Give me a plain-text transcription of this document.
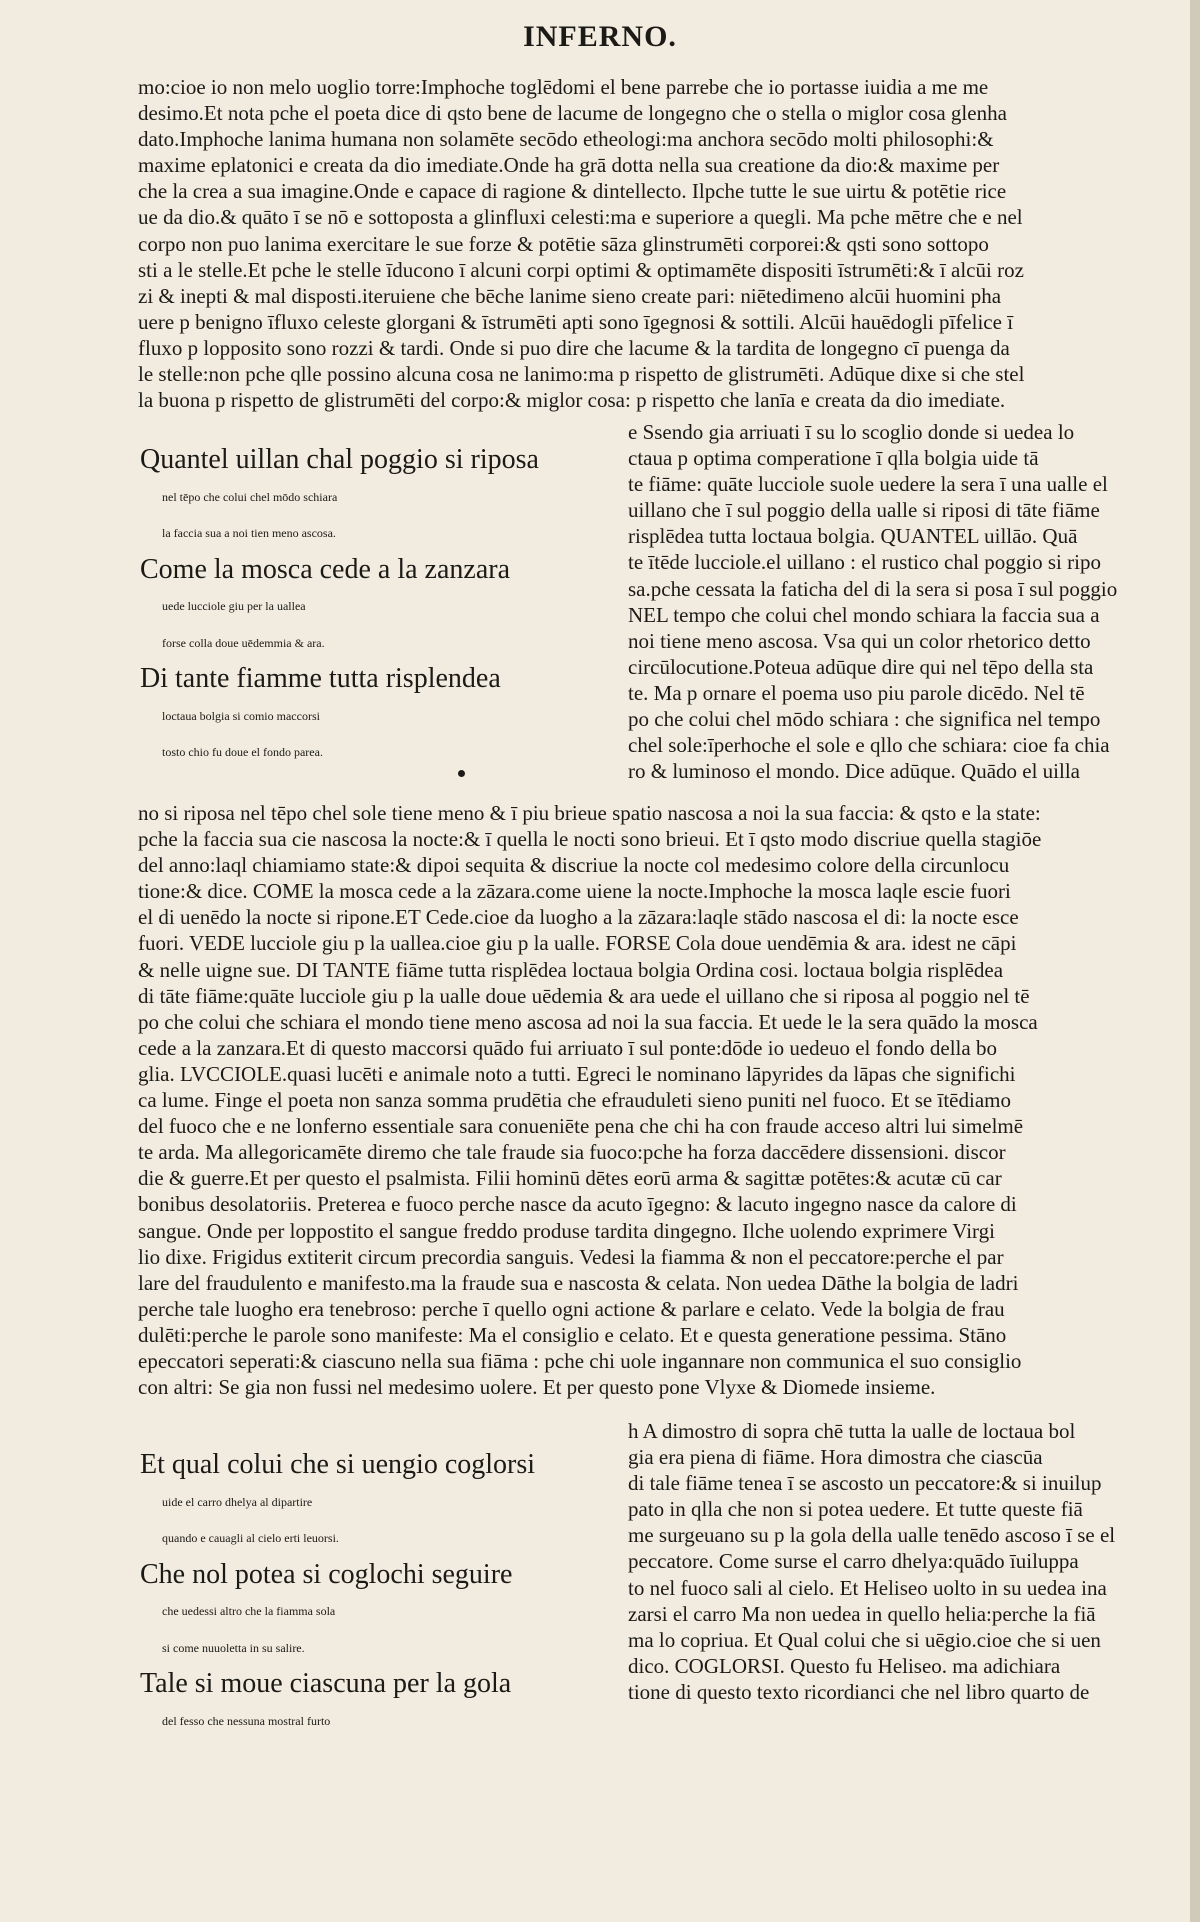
INFERNO.
mo:cioe io non melo uoglio torre:Imphoche toglēdomi el bene parrebe che io portasse iuidia a me me
desimo.Et nota pche el poeta dice di qsto bene de lacume de longegno che o stella o miglor cosa glenha
dato.Imphoche lanima humana non solamēte secōdo etheologi:ma anchora secōdo molti philosophi:&
maxime eplatonici e creata da dio imediate.Onde ha grā dotta nella sua creatione da dio:& maxime per
che la crea a sua imagine.Onde e capace di ragione & dintellecto. Ilpche tutte le sue uirtu & potētie rice
ue da dio.& quāto ī se nō e sottoposta a glinfluxi celesti:ma e superiore a quegli. Ma pche mētre che e nel
corpo non puo lanima exercitare le sue forze & potētie sāza glinstrumēti corporei:& qsti sono sottopo
sti a le stelle.Et pche le stelle īducono ī alcuni corpi optimi & optimamēte dispositi īstrumēti:& ī alcūi roz
zi & inepti & mal disposti.iteruiene che bēche lanime sieno create pari: niētedimeno alcūi huomini pha
uere p benigno īfluxo celeste glorgani & īstrumēti apti sono īgegnosi & sottili. Alcūi hauēdogli pīfelice ī
fluxo p lopposito sono rozzi & tardi. Onde si puo dire che lacume & la tardita de longegno cī puenga da
le stelle:non pche qlle possino alcuna cosa ne lanimo:ma p rispetto de glistrumēti. Adūque dixe si che stel
la buona p rispetto de glistrumēti del corpo:& miglor cosa: p rispetto che lanīa e creata da dio imediate.
Quantel uillan chal poggio si riposa
nel tēpo che colui chel mōdo schiara
la faccia sua a noi tien meno ascosa.
Come la mosca cede a la zanzara
uede lucciole giu per la uallea
forse colla doue uēdemmia & ara.
Di tante fiamme tutta risplendea
loctaua bolgia si comio maccorsi
tosto chio fu doue el fondo parea.
e Ssendo gia arriuati ī su lo scoglio donde si uedea lo
ctaua p optima comperatione ī qlla bolgia uide tā
te fiāme: quāte lucciole suole uedere la sera ī una ualle el
uillano che ī sul poggio della ualle si riposi di tāte fiāme
risplēdea tutta loctaua bolgia. QUANTEL uillāo. Quā
te ītēde lucciole.el uillano : el rustico chal poggio si ripo
sa.pche cessata la faticha del di la sera si posa ī sul poggio
NEL tempo che colui chel mondo schiara la faccia sua a
noi tiene meno ascosa. Vsa qui un color rhetorico detto
circūlocutione.Poteua adūque dire qui nel tēpo della sta
te. Ma p ornare el poema uso piu parole dicēdo. Nel tē
po che colui chel mōdo schiara : che significa nel tempo
chel sole:īperhoche el sole e qllo che schiara: cioe fa chia
ro & luminoso el mondo. Dice adūque. Quādo el uilla
no si riposa nel tēpo chel sole tiene meno & ī piu brieue spatio nascosa a noi la sua faccia: & qsto e la state:
pche la faccia sua cie nascosa la nocte:& ī quella le nocti sono brieui. Et ī qsto modo discriue quella stagiōe
del anno:laql chiamiamo state:& dipoi sequita & discriue la nocte col medesimo colore della circunlocu
tione:& dice. COME la mosca cede a la zāzara.come uiene la nocte.Imphoche la mosca laqle escie fuori
el di uenēdo la nocte si ripone.ET Cede.cioe da luogho a la zāzara:laqle stādo nascosa el di: la nocte esce
fuori. VEDE lucciole giu p la uallea.cioe giu p la ualle. FORSE Cola doue uendēmia & ara. idest ne cāpi
& nelle uigne sue. DI TANTE fiāme tutta risplēdea loctaua bolgia Ordina cosi. loctaua bolgia risplēdea
di tāte fiāme:quāte lucciole giu p la ualle doue uēdemia & ara uede el uillano che si riposa al poggio nel tē
po che colui che schiara el mondo tiene meno ascosa ad noi la sua faccia. Et uede le la sera quādo la mosca
cede a la zanzara.Et di questo maccorsi quādo fui arriuato ī sul ponte:dōde io uedeuo el fondo della bo
glia. LVCCIOLE.quasi lucēti e animale noto a tutti. Egreci le nominano lāpyrides da lāpas che significhi
ca lume. Finge el poeta non sanza somma prudētia che efrauduleti sieno puniti nel fuoco. Et se ītēdiamo
del fuoco che e ne lonferno essentiale sara conueniēte pena che chi ha con fraude acceso altri lui simelmē
te arda. Ma allegoricamēte diremo che tale fraude sia fuoco:pche ha forza daccēdere dissensioni. discor
die & guerre.Et per questo el psalmista. Filii hominū dētes eorū arma & sagittæ potētes:& acutæ cū car
bonibus desolatoriis. Preterea e fuoco perche nasce da acuto īgegno: & lacuto ingegno nasce da calore di
sangue. Onde per loppostito el sangue freddo produse tardita dingegno. Ilche uolendo exprimere Virgi
lio dixe. Frigidus extiterit circum precordia sanguis. Vedesi la fiamma & non el peccatore:perche el par
lare del fraudulento e manifesto.ma la fraude sua e nascosta & celata. Non uedea Dāthe la bolgia de ladri
perche tale luogho era tenebroso: perche ī quello ogni actione & parlare e celato. Vede la bolgia de frau
dulēti:perche le parole sono manifeste: Ma el consiglio e celato. Et e questa generatione pessima. Stāno
epeccatori seperati:& ciascuno nella sua fiāma : pche chi uole ingannare non communica el suo consiglio
con altri: Se gia non fussi nel medesimo uolere. Et per questo pone Vlyxe & Diomede insieme.
Et qual colui che si uengio coglorsi
uide el carro dhelya al dipartire
quando e cauagli al cielo erti leuorsi.
Che nol potea si coglochi seguire
che uedessi altro che la fiamma sola
si come nuuoletta in su salire.
Tale si moue ciascuna per la gola
del fesso che nessuna mostral furto
h A dimostro di sopra chē tutta la ualle de loctaua bol
gia era piena di fiāme. Hora dimostra che ciascūa
di tale fiāme tenea ī se ascosto un peccatore:& si inuilup
pato in qlla che non si potea uedere. Et tutte queste fiā
me surgeuano su p la gola della ualle tenēdo ascoso ī se el
peccatore. Come surse el carro dhelya:quādo īuiluppa
to nel fuoco sali al cielo. Et Heliseo uolto in su uedea ina
zarsi el carro Ma non uedea in quello helia:perche la fiā
ma lo copriua. Et Qual colui che si uēgio.cioe che si uen
dico. COGLORSI. Questo fu Heliseo. ma adichiara
tione di questo texto ricordianci che nel libro quarto de
